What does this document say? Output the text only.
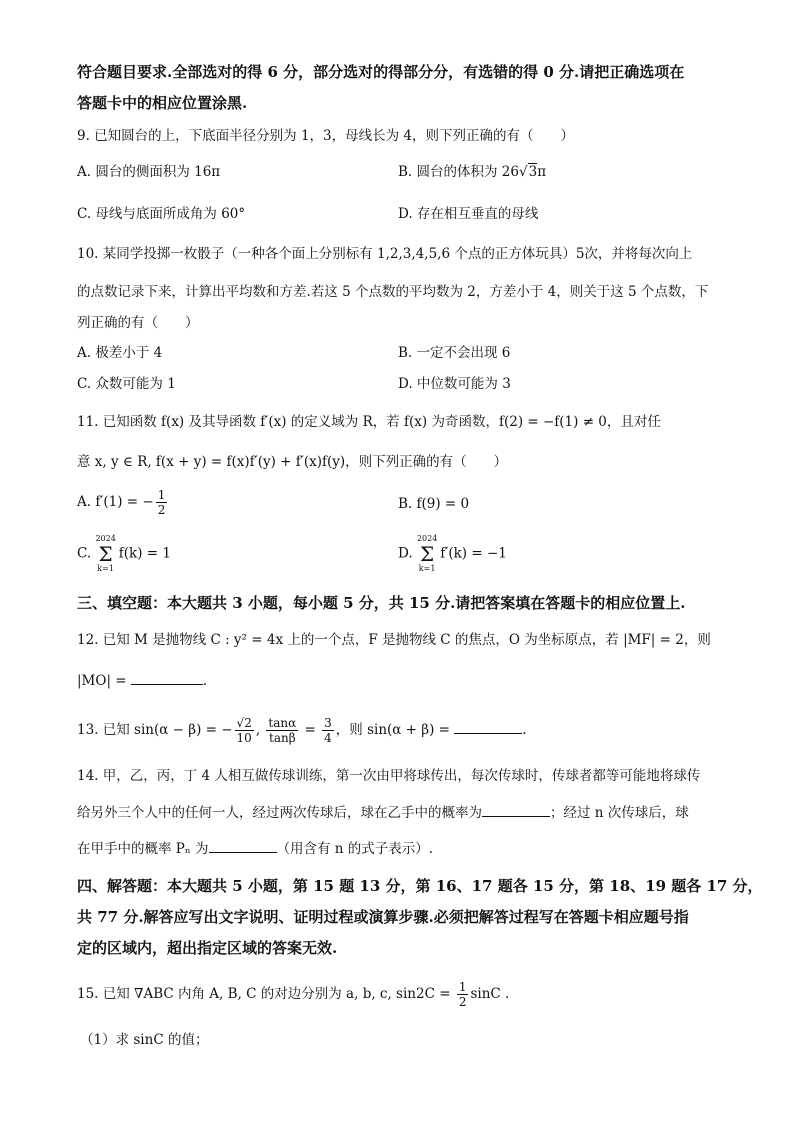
符合题目要求.全部选对的得 6 分，部分选对的得部分分，有选错的得 0 分.请把正确选项在
答题卡中的相应位置涂黑.
9. 已知圆台的上，下底面半径分别为 1，3，母线长为 4，则下列正确的有（　　）
A. 圆台的侧面积为 16π	B. 圆台的体积为 26√3π
C. 母线与底面所成角为 60°	D. 存在相互垂直的母线
10. 某同学投掷一枚骰子（一种各个面上分别标有 1,2,3,4,5,6 个点的正方体玩具）5次，并将每次向上
的点数记录下来，计算出平均数和方差.若这 5 个点数的平均数为 2，方差小于 4，则关于这 5 个点数，下
列正确的有（　　）
A. 极差小于 4	B. 一定不会出现 6
C. 众数可能为 1	D. 中位数可能为 3
11. 已知函数 f(x) 及其导函数 f′(x) 的定义域为 R，若 f(x) 为奇函数，f(2) = −f(1) ≠ 0，且对任
意 x, y ∈ R, f(x + y) = f(x)f′(y) + f′(x)f(y)，则下列正确的有（　　）
A. f′(1) = − $\frac{1}{2}$	B. f(9) = 0
C.
2024
Σ
k=1
f(k) = 1	D.
2024
Σ
k=1
f′(k) = −1
三、填空题：本大题共 3 小题，每小题 5 分，共 15 分.请把答案填在答题卡的相应位置上.
12. 已知 M 是抛物线 C : y² = 4x 上的一个点，F 是抛物线 C 的焦点，O 为坐标原点，若 |MF| = 2，则
|MO| =	.
13. 已知 sin(α − β) = − $\frac{√2}{10}$ , $\frac{\tan\alpha}{\tan\beta} = \frac{3}{4}$ ，则 sin(α + β) =	.
14. 甲，乙，丙，丁 4 人相互做传球训练，第一次由甲将球传出，每次传球时，传球者都等可能地将球传
给另外三个人中的任何一人，经过两次传球后，球在乙手中的概率为	；经过 n 次传球后，球
在甲手中的概率 Pₙ 为	（用含有 n 的式子表示）.
四、解答题：本大题共 5 小题，第 15 题 13 分，第 16、17 题各 15 分，第 18、19 题各 17 分，
共 77 分.解答应写出文字说明、证明过程或演算步骤.必须把解答过程写在答题卡相应题号指
定的区域内，超出指定区域的答案无效.
15. 已知 ∇ABC 内角 A, B, C 的对边分别为 a, b, c, $\sin 2C = \frac{1}{2}$ sinC .
（1）求 sinC 的值；
